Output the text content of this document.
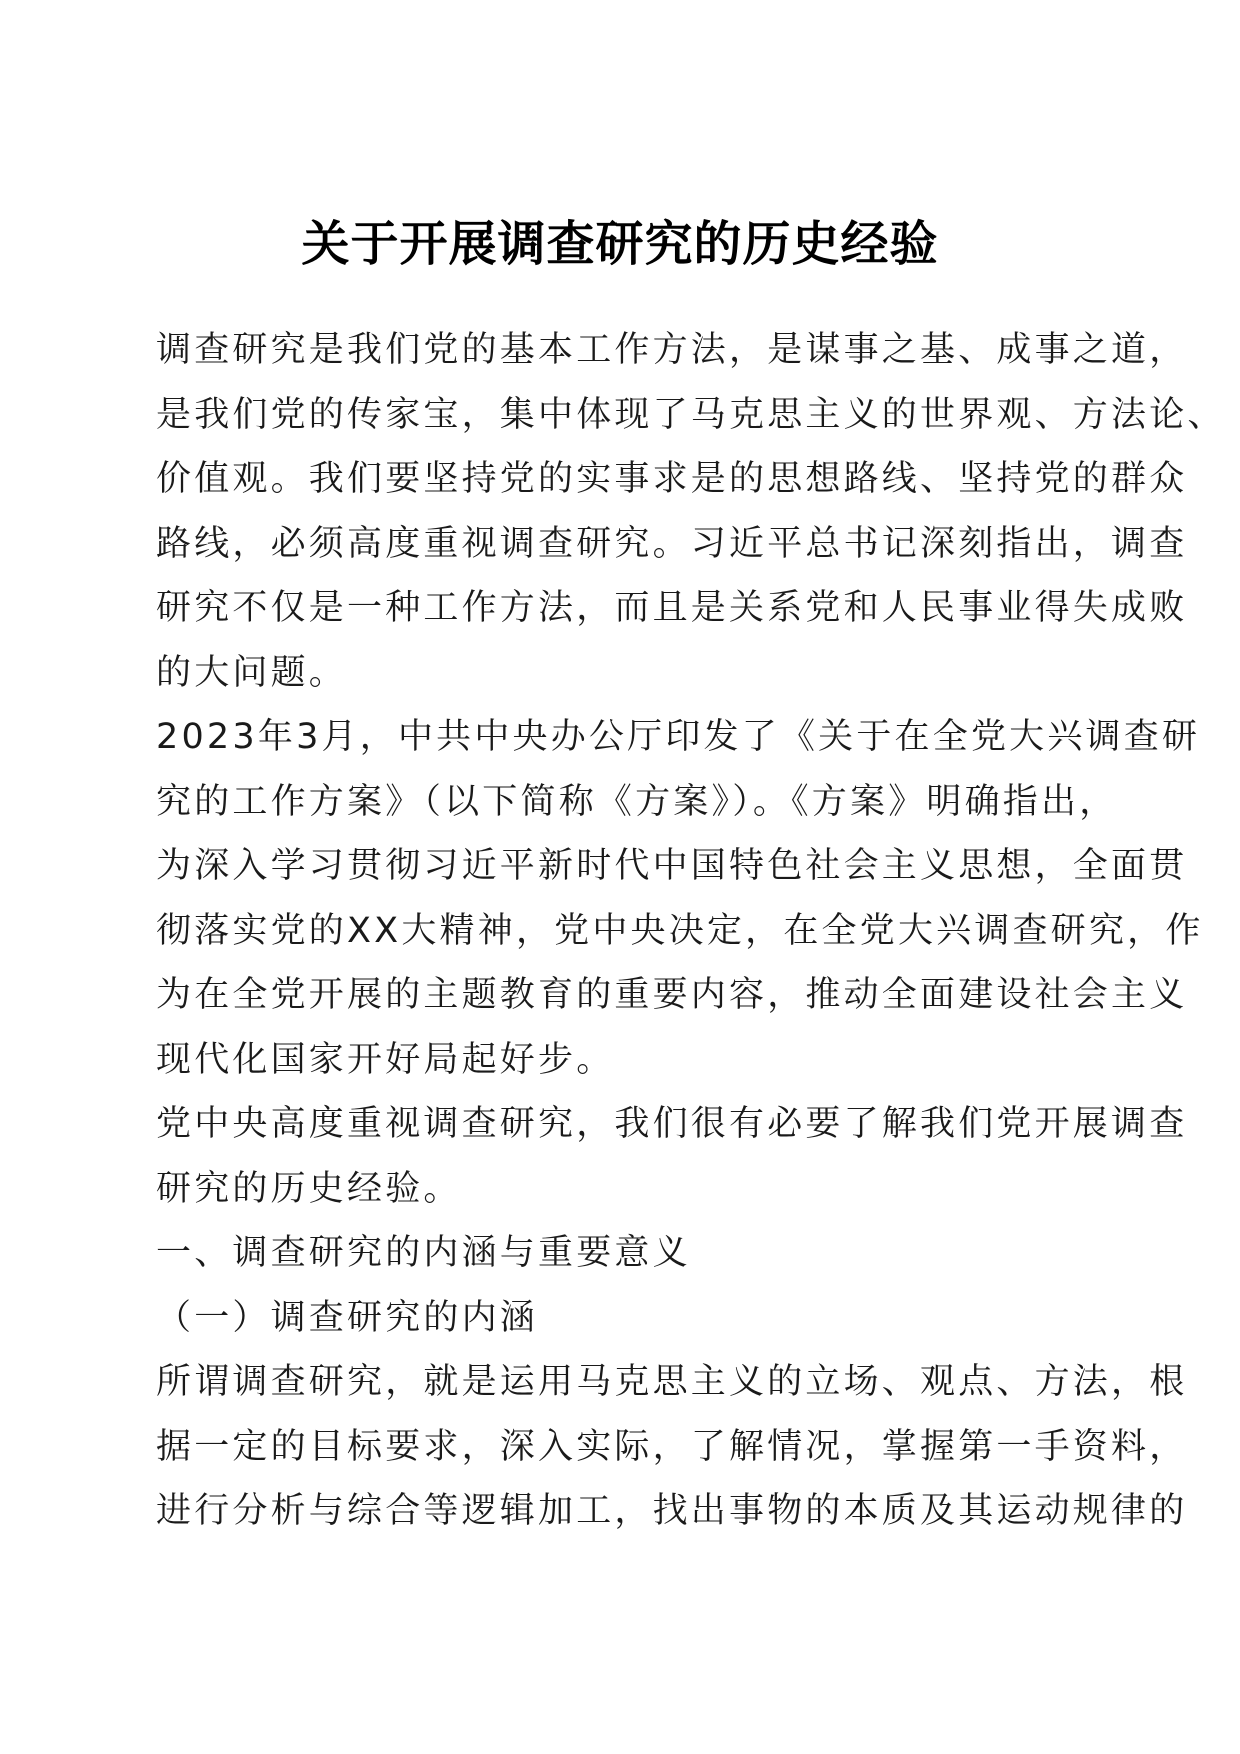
关于开展调查研究的历史经验
调查研究是我们党的基本工作方法，是谋事之基、成事之道，
是我们党的传家宝，集中体现了马克思主义的世界观、方法论、
价值观。我们要坚持党的实事求是的思想路线、坚持党的群众
路线，必须高度重视调查研究。习近平总书记深刻指出，调查
研究不仅是一种工作方法，而且是关系党和人民事业得失成败
的大问题。
2023年3月，中共中央办公厅印发了《关于在全党大兴调查研
究的工作方案》（以下简称《方案》）。《方案》明确指出，
为深入学习贯彻习近平新时代中国特色社会主义思想，全面贯
彻落实党的XX大精神，党中央决定，在全党大兴调查研究，作
为在全党开展的主题教育的重要内容，推动全面建设社会主义
现代化国家开好局起好步。
党中央高度重视调查研究，我们很有必要了解我们党开展调查
研究的历史经验。
一、调查研究的内涵与重要意义
（一）调查研究的内涵
所谓调查研究，就是运用马克思主义的立场、观点、方法，根
据一定的目标要求，深入实际，了解情况，掌握第一手资料，
进行分析与综合等逻辑加工，找出事物的本质及其运动规律的
